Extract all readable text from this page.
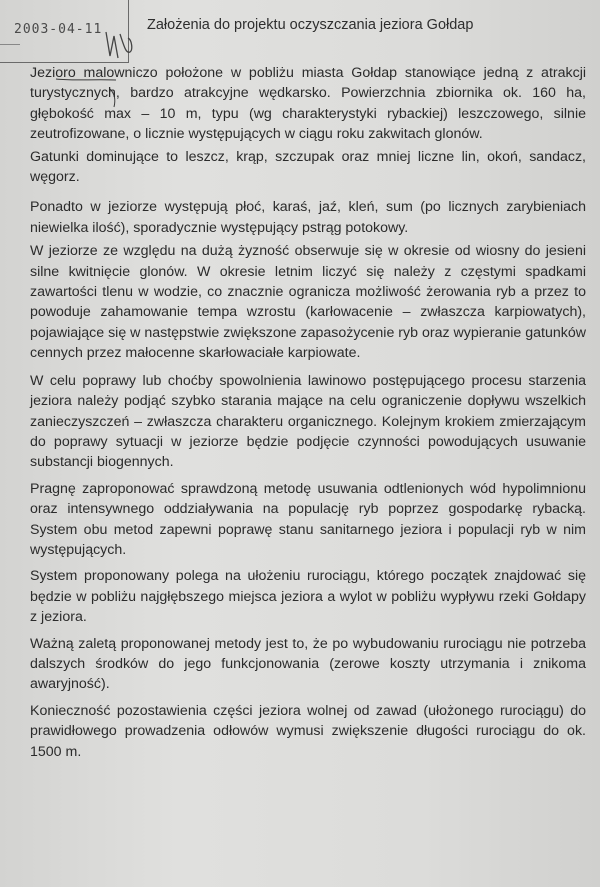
2003-04-11	Założenia do projektu oczyszczania jeziora Gołdap

Jezioro malowniczo położone w pobliżu miasta Gołdap stanowiące jedną z atrakcji turystycznych, bardzo atrakcyjne wędkarsko. Powierzchnia zbiornika ok. 160 ha, głębokość max – 10 m, typu (wg charakterystyki rybackiej) leszczowego, silnie zeutrofizowane, o licznie występujących w ciągu roku zakwitach glonów.

Gatunki dominujące to leszcz, krąp, szczupak oraz mniej liczne lin, okoń, sandacz, węgorz.

Ponadto w jeziorze występują płoć, karaś, jaź, kleń, sum (po licznych zarybieniach niewielka ilość), sporadycznie występujący pstrąg potokowy.

W jeziorze ze względu na dużą żyzność obserwuje się w okresie od wiosny do jesieni silne kwitnięcie glonów. W okresie letnim liczyć się należy z częstymi spadkami zawartości tlenu w wodzie, co znacznie ogranicza możliwość żerowania ryb a przez to powoduje zahamowanie tempa wzrostu (karłowacenie – zwłaszcza karpiowatych), pojawiające się w następstwie zwiększone zapasożycenie ryb oraz wypieranie gatunków cennych przez małocenne skarłowaciałe karpiowate.

W celu poprawy lub choćby spowolnienia lawinowo postępującego procesu starzenia jeziora należy podjąć szybko starania mające na celu ograniczenie dopływu wszelkich zanieczyszczeń – zwłaszcza charakteru organicznego. Kolejnym krokiem zmierzającym do poprawy sytuacji w jeziorze będzie podjęcie czynności powodujących usuwanie substancji biogennych.

Pragnę zaproponować sprawdzoną metodę usuwania odtlenionych wód hypolimnionu oraz intensywnego oddziaływania na populację ryb poprzez gospodarkę rybacką. System obu metod zapewni poprawę stanu sanitarnego jeziora i populacji ryb w nim występujących.

System proponowany polega na ułożeniu rurociągu, którego początek znajdować się będzie w pobliżu najgłębszego miejsca jeziora a wylot w pobliżu wypływu rzeki Gołdapy z jeziora.

Ważną zaletą proponowanej metody jest to, że po wybudowaniu rurociągu nie potrzeba dalszych środków do jego funkcjonowania (zerowe koszty utrzymania i znikoma awaryjność).

Konieczność pozostawienia części jeziora wolnej od zawad (ułożonego rurociągu) do prawidłowego prowadzenia odłowów wymusi zwiększenie długości rurociągu do ok. 1500 m.
